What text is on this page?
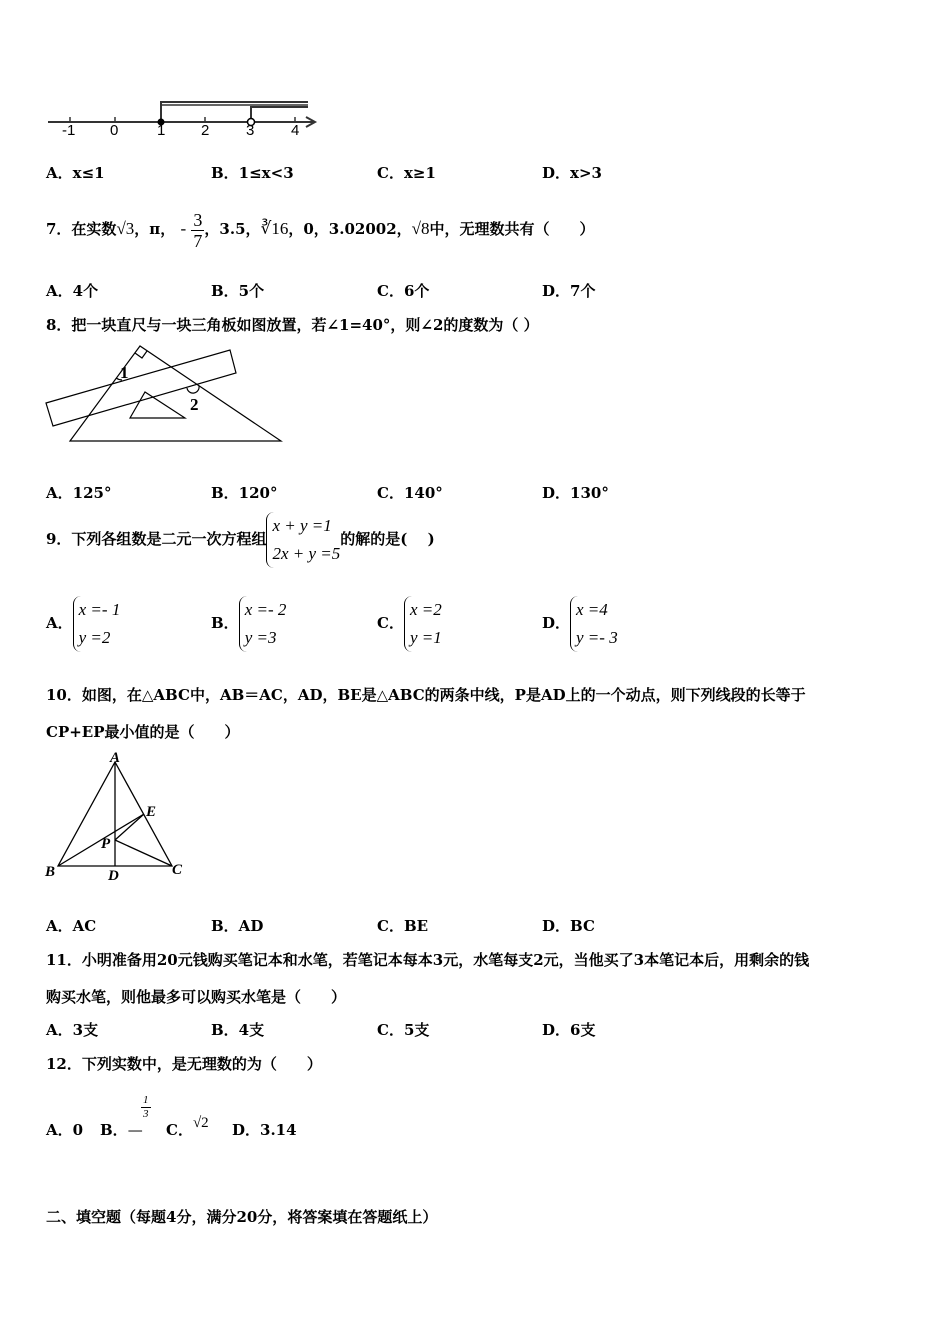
-1 0	1 2 3 4
A．x≤1	B．1≤x<3	C．x≥1	D．x>3
7．在实数√3，π， - $\frac{3}{7}$ ，3.5，∛16，0，3.02002，√8中，无理数共有（　　）
A．4个	B．5个	C．6个	D．7个
8．把一块直尺与一块三角板如图放置，若∠1=40°，则∠2的度数为（ ）
1
2
A．125°	B．120°	C．140°	D．130°
9．下列各组数是二元一次方程组x + y =1
2x + y =5的解的是(　 )
A．x =- 1
y =2
B．x =- 2
y =3
C．x =2
y =1
D．x =4
y =- 3
10．如图，在△ABC中，AB＝AC，AD，BE是△ABC的两条中线，P是AD上的一个动点，则下列线段的长等于
CP+EP最小值的是（　　）
A
B	C
D
E
P
A．AC	B．AD	C．BE	D．BC
11．小明准备用20元钱购买笔记本和水笔，若笔记本每本3元，水笔每支2元，当他买了3本笔记本后，用剩余的钱
购买水笔，则他最多可以购买水笔是（　　）
A．3支	B．4支	C．5支	D．6支
12．下列实数中，是无理数的为（　　）
A．0 B．—
$\frac{1}{3}$
C．√2 D．3.14
二、填空题（每题4分，满分20分，将答案填在答题纸上）
